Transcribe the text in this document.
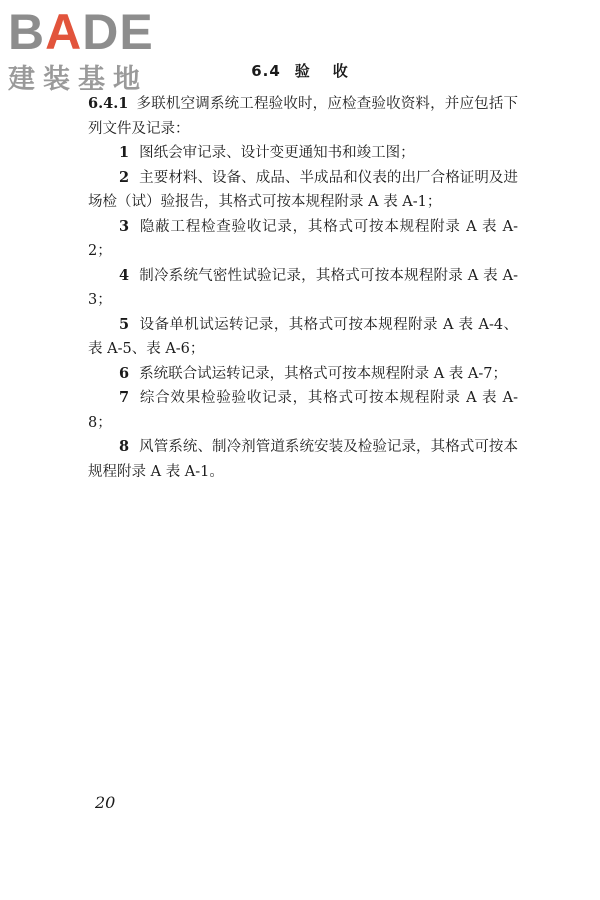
BADE
建装基地	6.4 验 收

6.4.1 多联机空调系统工程验收时，应检查验收资料，并应包括下列文件及记录：

1 图纸会审记录、设计变更通知书和竣工图；

2 主要材料、设备、成品、半成品和仪表的出厂合格证明及进场检（试）验报告，其格式可按本规程附录 A 表 A-1；

3 隐蔽工程检查验收记录，其格式可按本规程附录 A 表 A-2；

4 制冷系统气密性试验记录，其格式可按本规程附录 A 表 A-3；

5 设备单机试运转记录，其格式可按本规程附录 A 表 A-4、表 A-5、表 A-6；

6 系统联合试运转记录，其格式可按本规程附录 A 表 A-7；

7 综合效果检验验收记录，其格式可按本规程附录 A 表 A-8；

8 风管系统、制冷剂管道系统安装及检验记录，其格式可按本规程附录 A 表 A-1。

20
